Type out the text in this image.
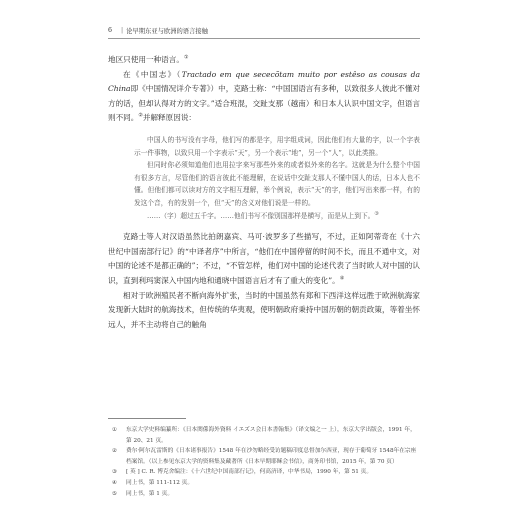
6	| 论早期东亚与欧洲的语言接触

地区只使用一种语言。①

在《中国志》（Tractado em que sececõtam muito por estêso as cousas da China即《中国情况详介专著》）中，克路士称：“中国国语言有多种，以致很多人彼此不懂对方的话，但却认得对方的文字。”适合班混，交趾支那（越南）和日本人认识中国文字，但语言则不同。②并解释原因说：

中国人的书写没有字母，他们写的都是字，用字组成词，因此他们有大量的字，以一个字表示一件事物，以致只用一个字表示“天”，另一个表示“地”，另一个“人”，以此类推。

但同时你必须知道他们也用拉字来写那些外来的或者似外来的名字。这就是为什么整个中国有很多方言，尽管他们的语言彼此不能理解，在说话中交趾支那人不懂中国人的话，日本人也不懂。但他们都可以读对方的文字相互理解，举个例说，表示“天”的字，他们写出来都一样，有的发这个音，有的发别一个，但“天”的含义对他们说是一样的。

……（字）超过五千字。……他们书写不像别国那样是横写，而是从上到下。③

克路士等人对汉语虽然比拍朗嘉宾、马可·波罗多了些描写，不过，正如阿蒂奇在《十六世纪中国南部行记》的“中译者序”中所言，“他们在中国停留的时间不长，而且不通中文，对中国的论述不是都正确的”；不过，“不管怎样，他们对中国的论述代表了当时欧人对中国的认识，直到利玛窦深入中国内地和通晓中国语言后才有了重大的变化”。④

相对于欧洲殖民者不断向海外扩张，当时的中国虽然有郑和下西洋这样远胜于欧洲航海家发现新大陆时的航海技术，但传统的华夷观，使明朝政府秉持中国历朝的朝贡政策，等着坐怀远人，并不主动将自己的触角

①	东京大学史料编纂所：《日本関係海外資料 イエズス会日本書翰集》（译文编之一 上），东京大学出版会，1991 年，第 20、21 页。
②	费尔·阿尔瓦雷斯的《日本诸事报告》1548 年在沙勿略经受访题稿印度总督加尔西亚，现存于葡萄牙 1548年在宗座档案馆。（以上参见东京大学的资料集及藏著所《日本早期耶稣会书信》，商务印书馆，2015 年，第 70 页）
③	[ 英 ] C. R. 博克舍编注：《十六世纪中国南部行记》，何高济译，中华书局，1990 年，第 51 页。
④	同上书，第 111-112 页。
⑤	同上书，第 1 页。
